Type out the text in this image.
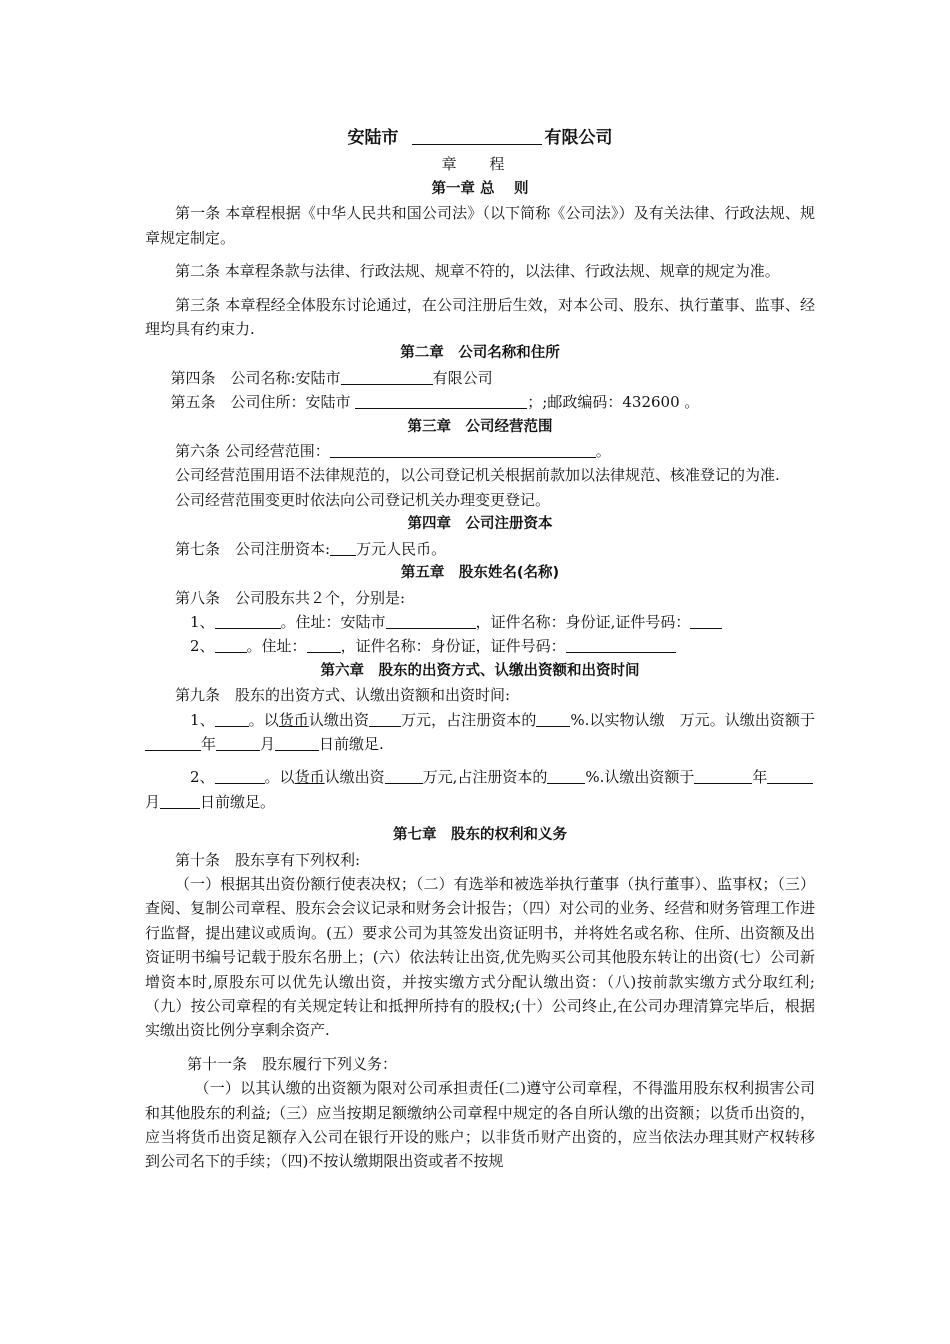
安陆市	有限公司
章 程
第一章 总　 则
第一条 本章程根据《中华人民共和国公司法》（以下简称《公司法》）及有关法律、行政法规、规章规定制定。
第二条 本章程条款与法律、行政法规、规章不符的，以法律、行政法规、规章的规定为准。
第三条 本章程经全体股东讨论通过，在公司注册后生效，对本公司、股东、执行董事、监事、经理均具有约束力.
第二章　公司名称和住所
第四条　公司名称:安陆市	有限公司
第五条　公司住所：安陆市	；;邮政编码：432600 。
第三章　公司经营范围
第六条 公司经营范围：	。
公司经营范围用语不法律规范的，以公司登记机关根据前款加以法律规范、核准登记的为准.
公司经营范围变更时依法向公司登记机关办理变更登记。
第四章　公司注册资本
第七条　公司注册资本: 万元人民币。
第五章　股东姓名(名称)
第八条　公司股东共２个，分别是:
1、	。住址：安陆市	，证件名称：身份证,证件号码：
2、 。住址： ，证件名称：身份证，证件号码：
第六章　股东的出资方式、认缴出资额和出资时间
第九条　股东的出资方式、认缴出资额和出资时间:
1、 。以货币认缴出资 万元，占注册资本的 %.以实物认缴　万元。认缴出资额于年	月	日前缴足.
2、	。以货币认缴出资	万元,占注册资本的	%.认缴出资额于	年月	日前缴足。
第七章　股东的权利和义务
第十条　股东享有下列权利:
（一）根据其出资份额行使表决权；（二）有选举和被选举执行董事（执行董事）、监事权；（三）查阅、复制公司章程、股东会会议记录和财务会计报告；（四）对公司的业务、经营和财务管理工作进行监督，提出建议或质询。(五）要求公司为其签发出资证明书，并将姓名或名称、住所、出资额及出资证明书编号记载于股东名册上；(六）依法转让出资,优先购买公司其他股东转让的出资(七）公司新增资本时,原股东可以优先认缴出资，并按实缴方式分配认缴出资：（八)按前款实缴方式分取红利;（九）按公司章程的有关规定转让和抵押所持有的股权;(十）公司终止,在公司办理清算完毕后，根据实缴出资比例分享剩余资产.
第十一条　股东履行下列义务：
（一）以其认缴的出资额为限对公司承担责任(二)遵守公司章程，不得滥用股东权利损害公司和其他股东的利益;（三）应当按期足额缴纳公司章程中规定的各自所认缴的出资额；以货币出资的，应当将货币出资足额存入公司在银行开设的账户；以非货币财产出资的，应当依法办理其财产权转移到公司名下的手续；（四)不按认缴期限出资或者不按规
